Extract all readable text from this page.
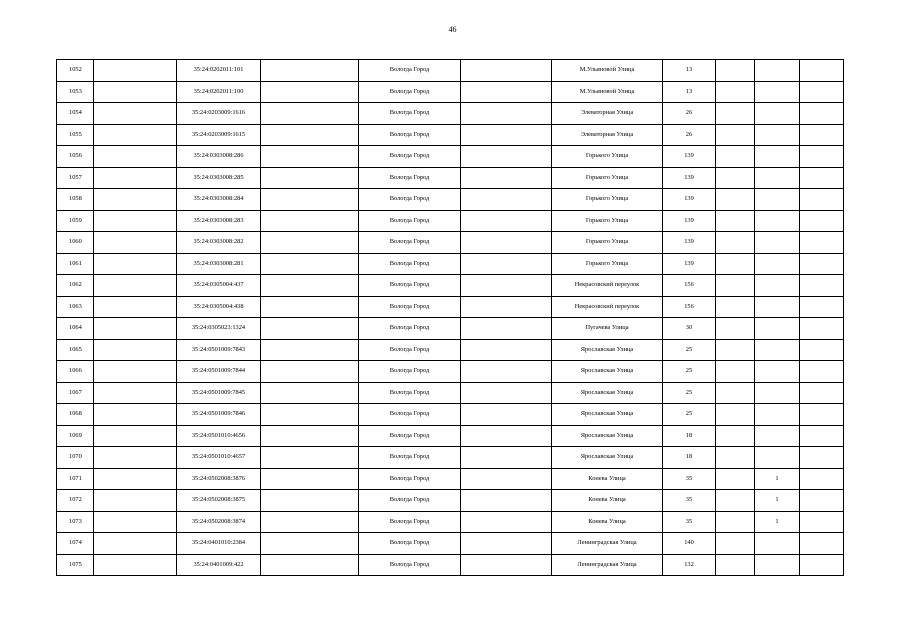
46
1052		35:24:0202011:101		Вологда Город		М.Ульяновой Улица	13			
1053		35:24:0202011:100		Вологда Город		М.Ульяновой Улица	13			
1054		35:24:0203009:1616		Вологда Город		Элеваторная Улица	26			
1055		35:24:0203009:1615		Вологда Город		Элеваторная Улица	26			
1056		35:24:0303008:286		Вологда Город		Горького Улица	139			
1057		35:24:0303008:285		Вологда Город		Горького Улица	139			
1058		35:24:0303008:284		Вологда Город		Горького Улица	139			
1059		35:24:0303008:283		Вологда Город		Горького Улица	139			
1060		35:24:0303008:282		Вологда Город		Горького Улица	139			
1061		35:24:0303008:281		Вологда Город		Горького Улица	139			
1062		35:24:0305004:437		Вологда Город		Некрасовский переулок	156			
1063		35:24:0305004:438		Вологда Город		Некрасовский переулок	156			
1064		35:24:0305023:1324		Вологда Город		Пугачева Улица	30			
1065		35:24:0501009:7843		Вологда Город		Ярославская Улица	25			
1066		35:24:0501009:7844		Вологда Город		Ярославская Улица	25			
1067		35:24:0501009:7845		Вологда Город		Ярославская Улица	25			
1068		35:24:0501009:7846		Вологда Город		Ярославская Улица	25			
1069		35:24:0501010:4656		Вологда Город		Ярославская Улица	18			
1070		35:24:0501010:4657		Вологда Город		Ярославская Улица	18			
1071		35:24:0502008:3876		Вологда Город		Конева Улица	35		1	
1072		35:24:0502008:3875		Вологда Город		Конева Улица	35		1	
1073		35:24:0502008:3874		Вологда Город		Конева Улица	35		1	
1074		35:24:0401010:2384		Вологда Город		Ленинградская Улица	140			
1075		35:24:0401009:422		Вологда Город		Ленинградская Улица	132			
